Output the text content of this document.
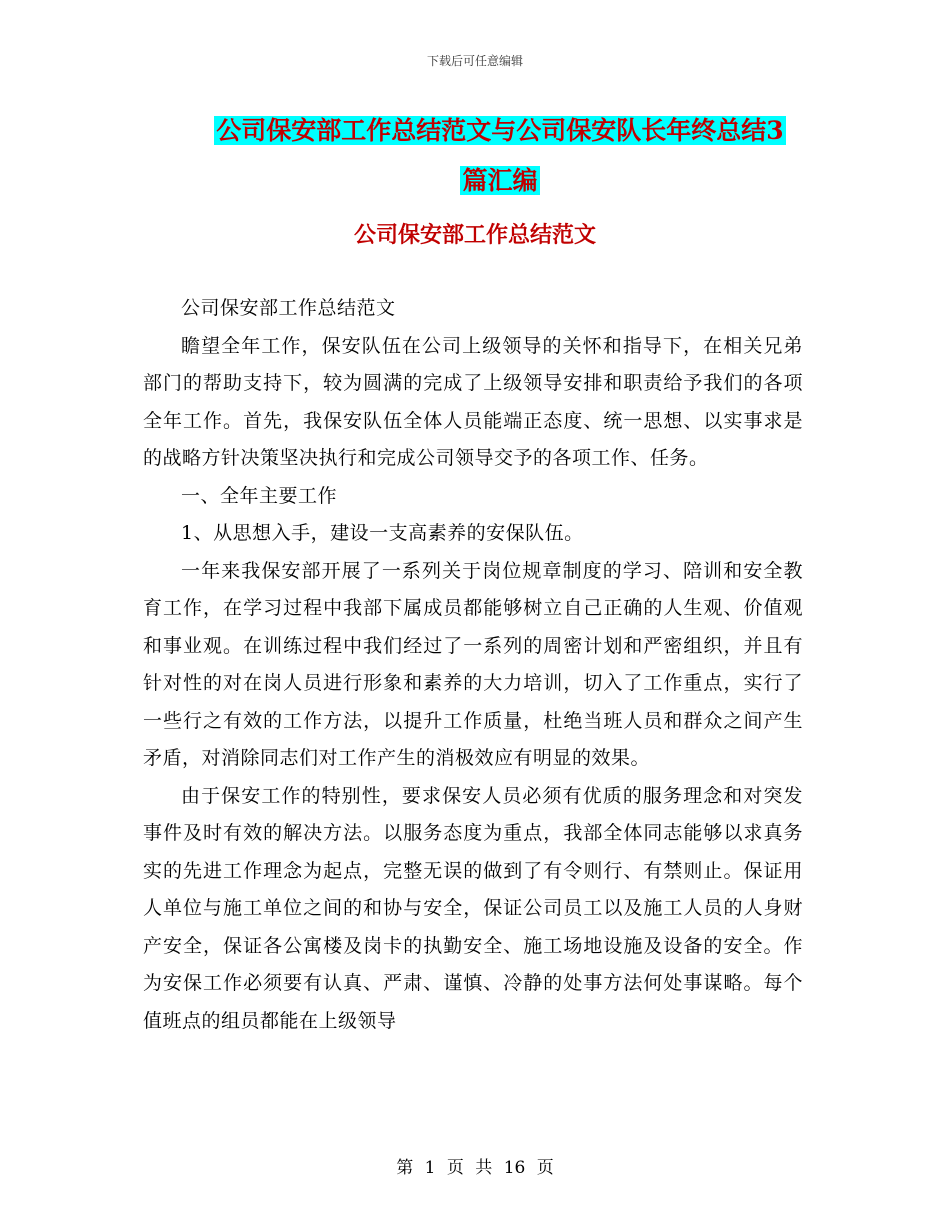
下载后可任意编辑
公司保安部工作总结范文与公司保安队长年终总结3
篇汇编
公司保安部工作总结范文

公司保安部工作总结范文

瞻望全年工作，保安队伍在公司上级领导的关怀和指导下，在相关兄弟部门的帮助支持下，较为圆满的完成了上级领导安排和职责给予我们的各项全年工作。首先，我保安队伍全体人员能端正态度、统一思想、以实事求是的战略方针决策坚决执行和完成公司领导交予的各项工作、任务。

一、全年主要工作

1、从思想入手，建设一支高素养的安保队伍。

一年来我保安部开展了一系列关于岗位规章制度的学习、陪训和安全教育工作，在学习过程中我部下属成员都能够树立自己正确的人生观、价值观和事业观。在训练过程中我们经过了一系列的周密计划和严密组织，并且有针对性的对在岗人员进行形象和素养的大力培训，切入了工作重点，实行了一些行之有效的工作方法，以提升工作质量，杜绝当班人员和群众之间产生矛盾，对消除同志们对工作产生的消极效应有明显的效果。

由于保安工作的特别性，要求保安人员必须有优质的服务理念和对突发事件及时有效的解决方法。以服务态度为重点，我部全体同志能够以求真务实的先进工作理念为起点，完整无误的做到了有令则行、有禁则止。保证用人单位与施工单位之间的和协与安全，保证公司员工以及施工人员的人身财产安全，保证各公寓楼及岗卡的执勤安全、施工场地设施及设备的安全。作为安保工作必须要有认真、严肃、谨慎、冷静的处事方法何处事谋略。每个值班点的组员都能在上级领导

第 1 页 共 16 页
